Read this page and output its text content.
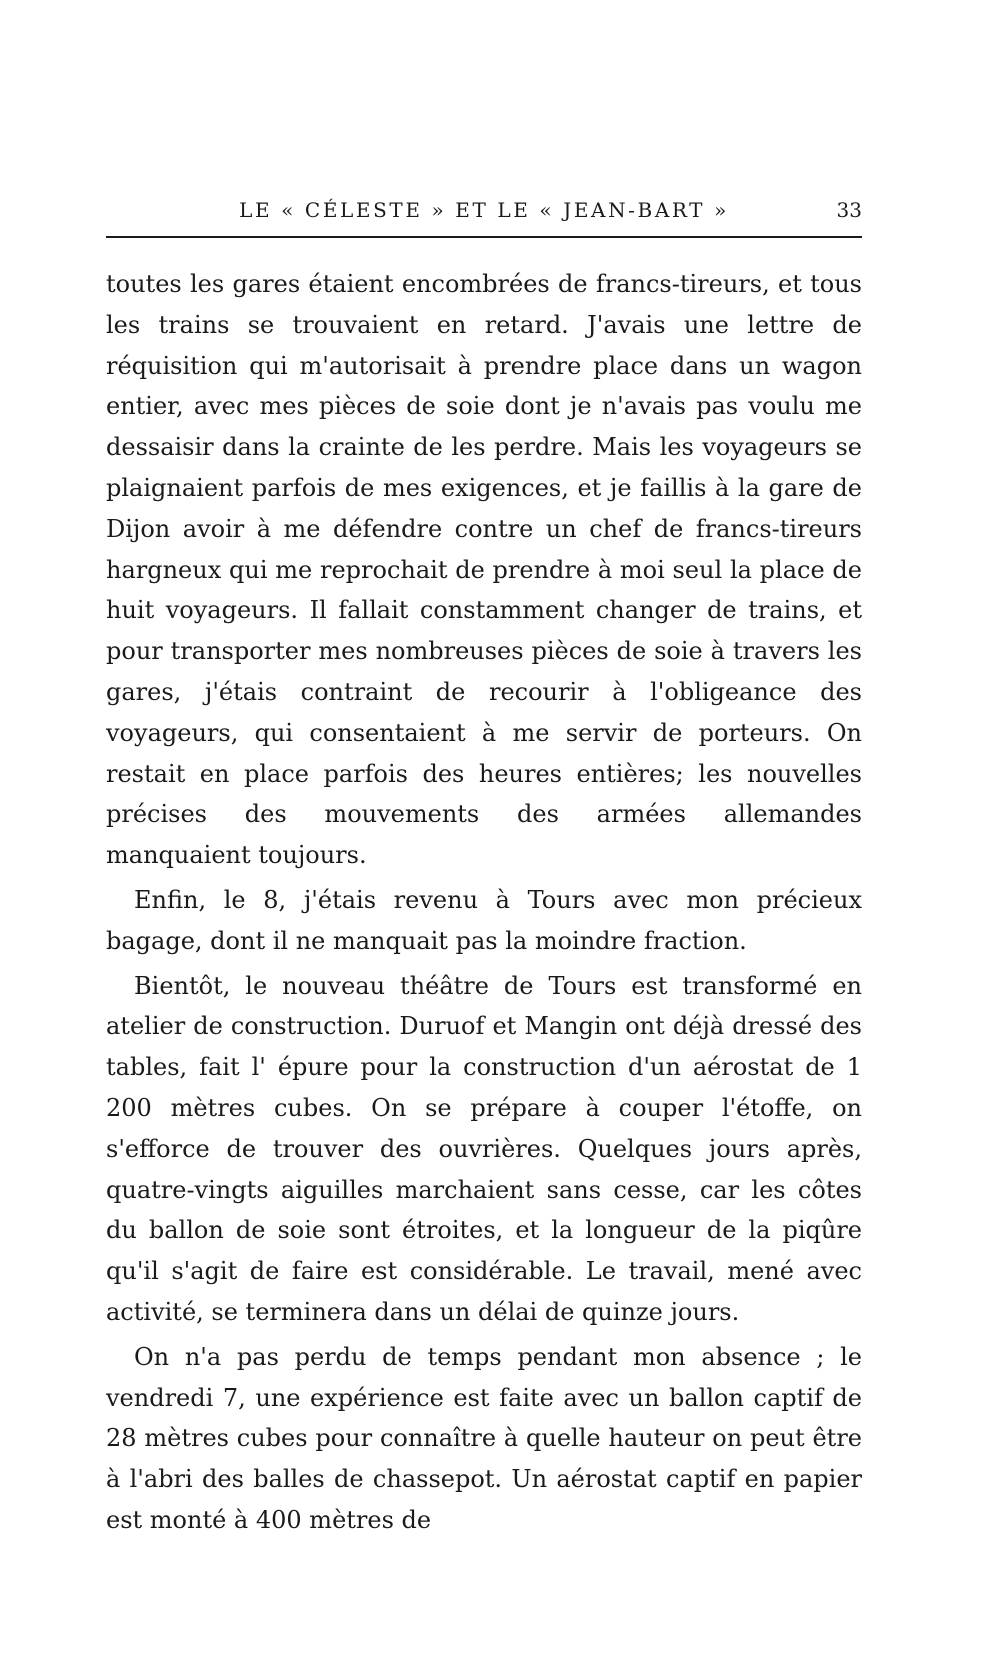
LE « CÉLESTE » ET LE « JEAN-BART »	33

toutes les gares étaient encombrées de francs-tireurs, et tous les trains se trouvaient en retard. J'avais une lettre de réquisition qui m'autorisait à prendre place dans un wagon entier, avec mes pièces de soie dont je n'avais pas voulu me dessaisir dans la crainte de les perdre. Mais les voyageurs se plaignaient parfois de mes exigences, et je faillis à la gare de Dijon avoir à me défendre contre un chef de francs-tireurs hargneux qui me reprochait de prendre à moi seul la place de huit voyageurs. Il fallait constamment changer de trains, et pour transporter mes nombreuses pièces de soie à travers les gares, j'étais contraint de recourir à l'obligeance des voyageurs, qui consentaient à me servir de porteurs. On restait en place parfois des heures entières; les nouvelles précises des mouvements des armées allemandes manquaient toujours.

Enfin, le 8, j'étais revenu à Tours avec mon précieux bagage, dont il ne manquait pas la moindre fraction.

Bientôt, le nouveau théâtre de Tours est transformé en atelier de construction. Duruof et Mangin ont déjà dressé des tables, fait l' épure pour la construction d'un aérostat de 1 200 mètres cubes. On se prépare à couper l'étoffe, on s'efforce de trouver des ouvrières. Quelques jours après, quatre-vingts aiguilles marchaient sans cesse, car les côtes du ballon de soie sont étroites, et la longueur de la piqûre qu'il s'agit de faire est considérable. Le travail, mené avec activité, se terminera dans un délai de quinze jours.

On n'a pas perdu de temps pendant mon absence ; le vendredi 7, une expérience est faite avec un ballon captif de 28 mètres cubes pour connaître à quelle hauteur on peut être à l'abri des balles de chassepot. Un aérostat captif en papier est monté à 400 mètres de
